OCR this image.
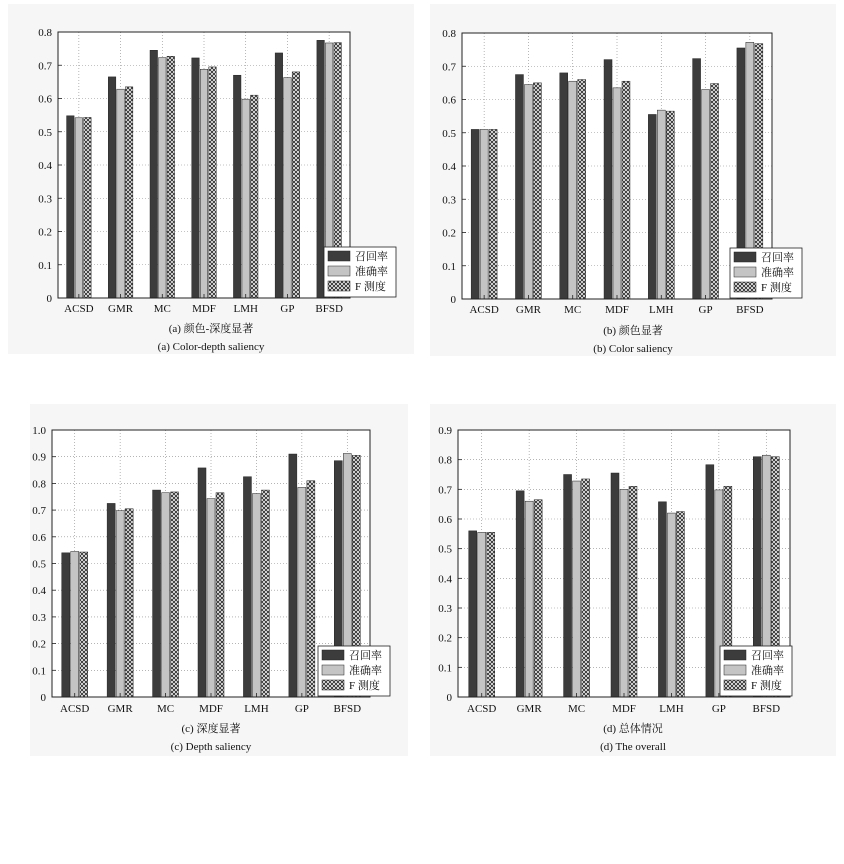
0
0.1
0.2
0.3
0.4
0.5
0.6
0.7
0.8
ACSD GMR MC MDF LMH GP BFSD
召回率
准确率
F 测度
(a) 颜色-深度显著
(a) Color-depth saliency
0
0.1
0.2
0.3
0.4
0.5
0.6
0.7
0.8
ACSD GMR MC MDF LMH GP BFSD
召回率
准确率
F 测度
(b) 颜色显著
(b) Color saliency
0
0.1
0.2
0.3
0.4
0.5
0.6
0.7
0.8
0.9
1.0
ACSD GMR MC MDF LMH GP BFSD
召回率
准确率
F 测度
(c) 深度显著
(c) Depth saliency
0
0.1
0.2
0.3
0.4
0.5
0.6
0.7
0.8
0.9
ACSD GMR MC MDF LMH	GP BFSD
召回率
准确率
F 测度
(d) 总体情况
(d) The overall
